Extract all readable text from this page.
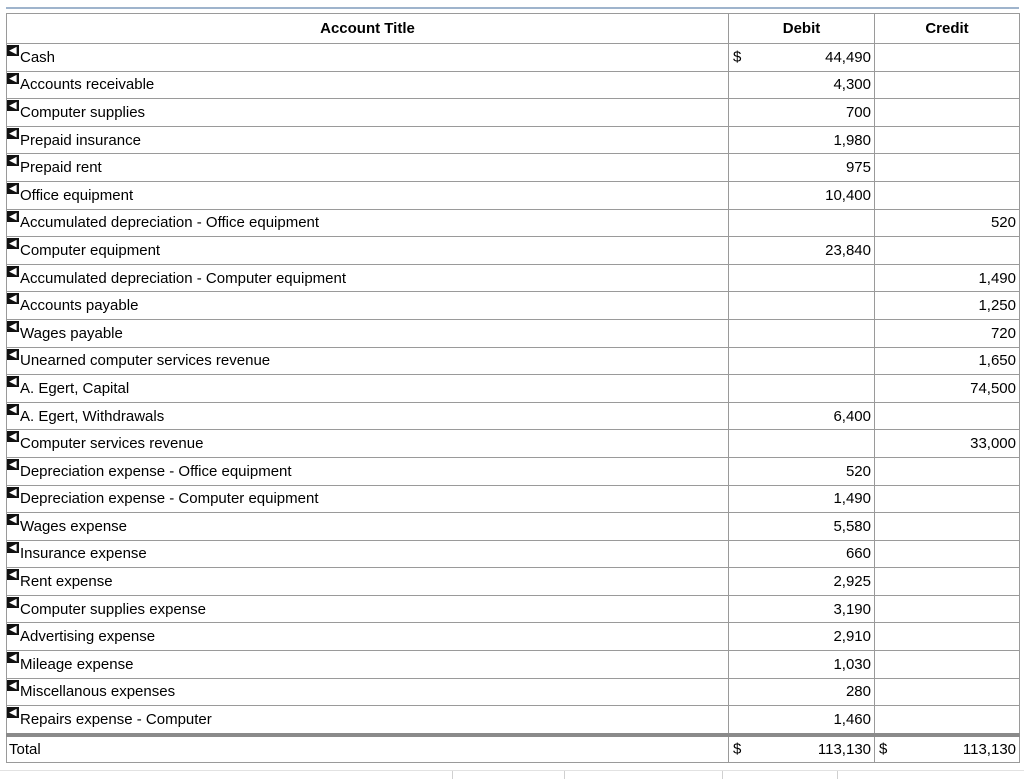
Account Title	Debit	Credit

◀ Cash	$ 44,490	

◀ Accounts receivable	4,300	

◀ Computer supplies	700	

◀ Prepaid insurance	1,980	

◀ Prepaid rent	975	

◀ Office equipment	10,400	

◀ Accumulated depreciation - Office equipment		520

◀ Computer equipment	23,840	

◀ Accumulated depreciation - Computer equipment		1,490

◀ Accounts payable		1,250

◀ Wages payable		720

◀ Unearned computer services revenue		1,650

◀ A. Egert, Capital		74,500

◀ A. Egert, Withdrawals	6,400	

◀ Computer services revenue		33,000

◀ Depreciation expense - Office equipment	520	

◀ Depreciation expense - Computer equipment	1,490	

◀ Wages expense	5,580	

◀ Insurance expense	660	

◀ Rent expense	2,925	

◀ Computer supplies expense	3,190	

◀ Advertising expense	2,910	

◀ Mileage expense	1,030	

◀ Miscellanous expenses	280	

◀ Repairs expense - Computer	1,460	
Total	$ 113,130	$ 113,130
